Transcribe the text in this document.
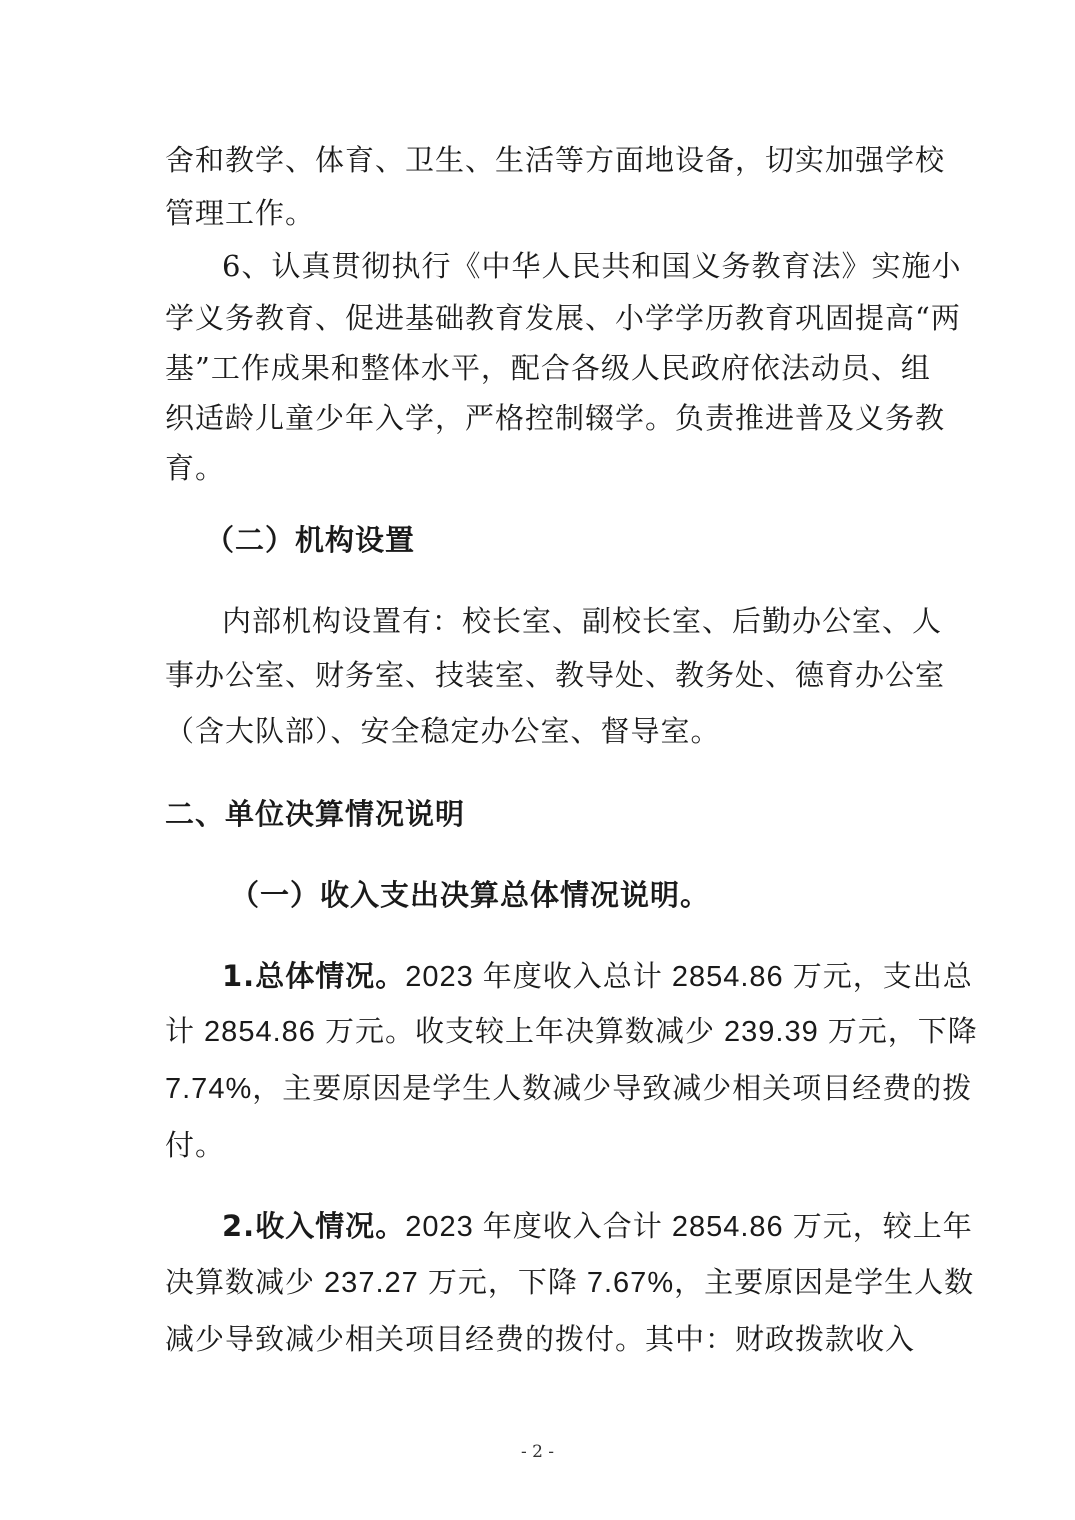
舍和教学、体育、卫生、生活等方面地设备，切实加强学校
管理工作。
6、认真贯彻执行《中华人民共和国义务教育法》实施小
学义务教育、促进基础教育发展、小学学历教育巩固提高“两
基”工作成果和整体水平，配合各级人民政府依法动员、组
织适龄儿童少年入学，严格控制辍学。负责推进普及义务教
育。
（二）机构设置
内部机构设置有：校长室、副校长室、后勤办公室、人
事办公室、财务室、技装室、教导处、教务处、德育办公室
（含大队部）、安全稳定办公室、督导室。
二、单位决算情况说明
（一）收入支出决算总体情况说明。
1.总体情况。2023 年度收入总计 2854.86 万元，支出总
计 2854.86 万元。收支较上年决算数减少 239.39 万元，下降
7.74%，主要原因是学生人数减少导致减少相关项目经费的拨
付。
2.收入情况。2023 年度收入合计 2854.86 万元，较上年
决算数减少 237.27 万元，下降 7.67%，主要原因是学生人数
减少导致减少相关项目经费的拨付。其中：财政拨款收入
- 2 -
